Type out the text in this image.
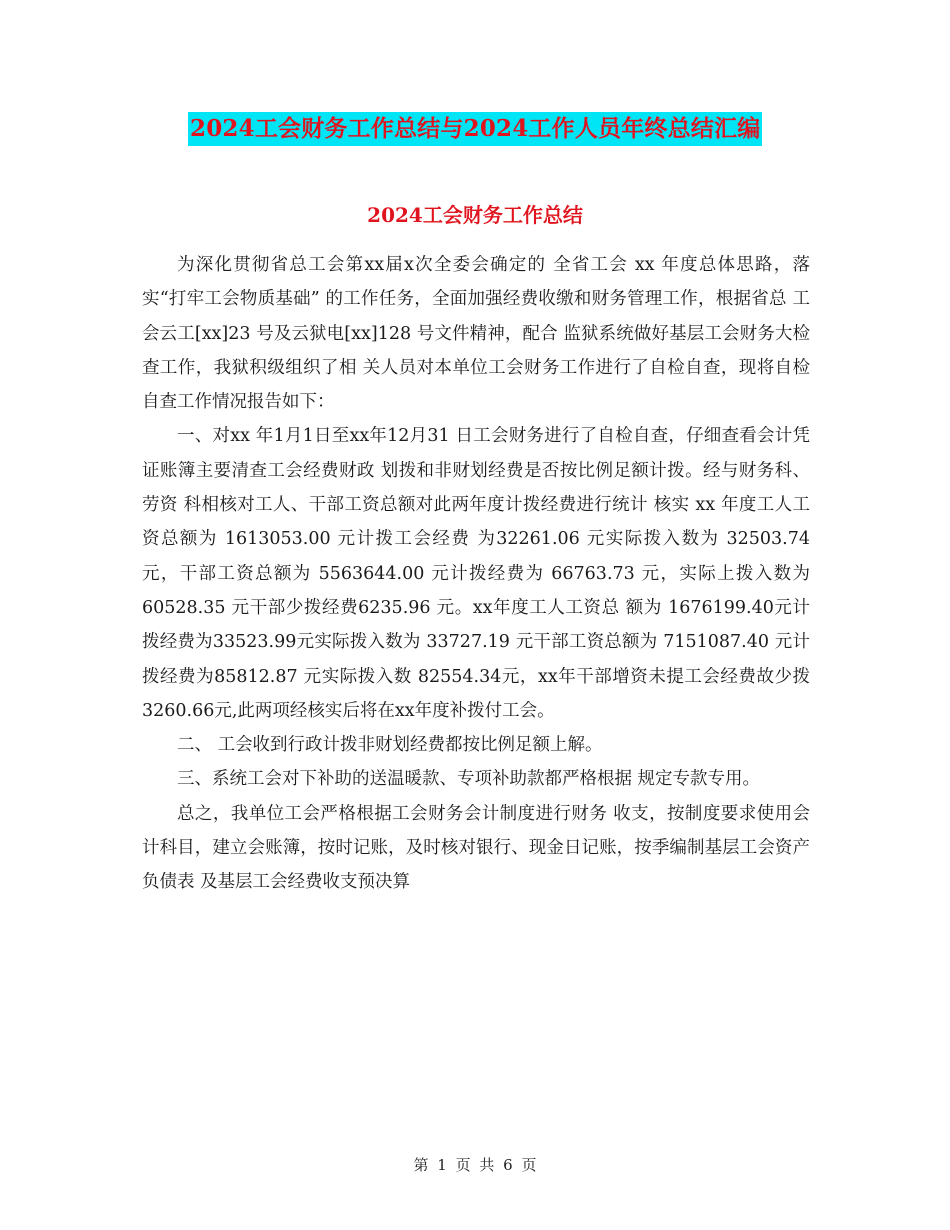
2024工会财务工作总结与2024工作人员年终总结汇编
2024工会财务工作总结

为深化贯彻省总工会第xx届x次全委会确定的 全省工会 xx 年度总体思路，落实“打牢工会物质基础” 的工作任务，全面加强经费收缴和财务管理工作，根据省总 工会云工[xx]23 号及云狱电[xx]128 号文件精神，配合 监狱系统做好基层工会财务大检查工作，我狱积级组织了相 关人员对本单位工会财务工作进行了自检自查，现将自检自查工作情况报告如下：

一、对xx 年1月1日至xx年12月31 日工会财务进行了自检自查，仔细查看会计凭证账簿主要清查工会经费财政 划拨和非财划经费是否按比例足额计拨。经与财务科、劳资 科相核对工人、干部工资总额对此两年度计拨经费进行统计 核实 xx 年度工人工资总额为 1613053.00 元计拨工会经费 为32261.06 元实际拨入数为 32503.74 元，干部工资总额为 5563644.00 元计拨经费为 66763.73 元，实际上拨入数为 60528.35 元干部少拨经费6235.96 元。xx年度工人工资总 额为 1676199.40元计拨经费为33523.99元实际拨入数为 33727.19 元干部工资总额为 7151087.40 元计拨经费为85812.87 元实际拨入数 82554.34元，xx年干部增资未提工会经费故少拨3260.66元,此两项经核实后将在xx年度补拨付工会。

二、 工会收到行政计拨非财划经费都按比例足额上解。

三、系统工会对下补助的送温暖款、专项补助款都严格根据 规定专款专用。

总之，我单位工会严格根据工会财务会计制度进行财务 收支，按制度要求使用会计科目，建立会账簿，按时记账，及时核对银行、现金日记账，按季编制基层工会资产负债表 及基层工会经费收支预决算

第 1 页 共 6 页
